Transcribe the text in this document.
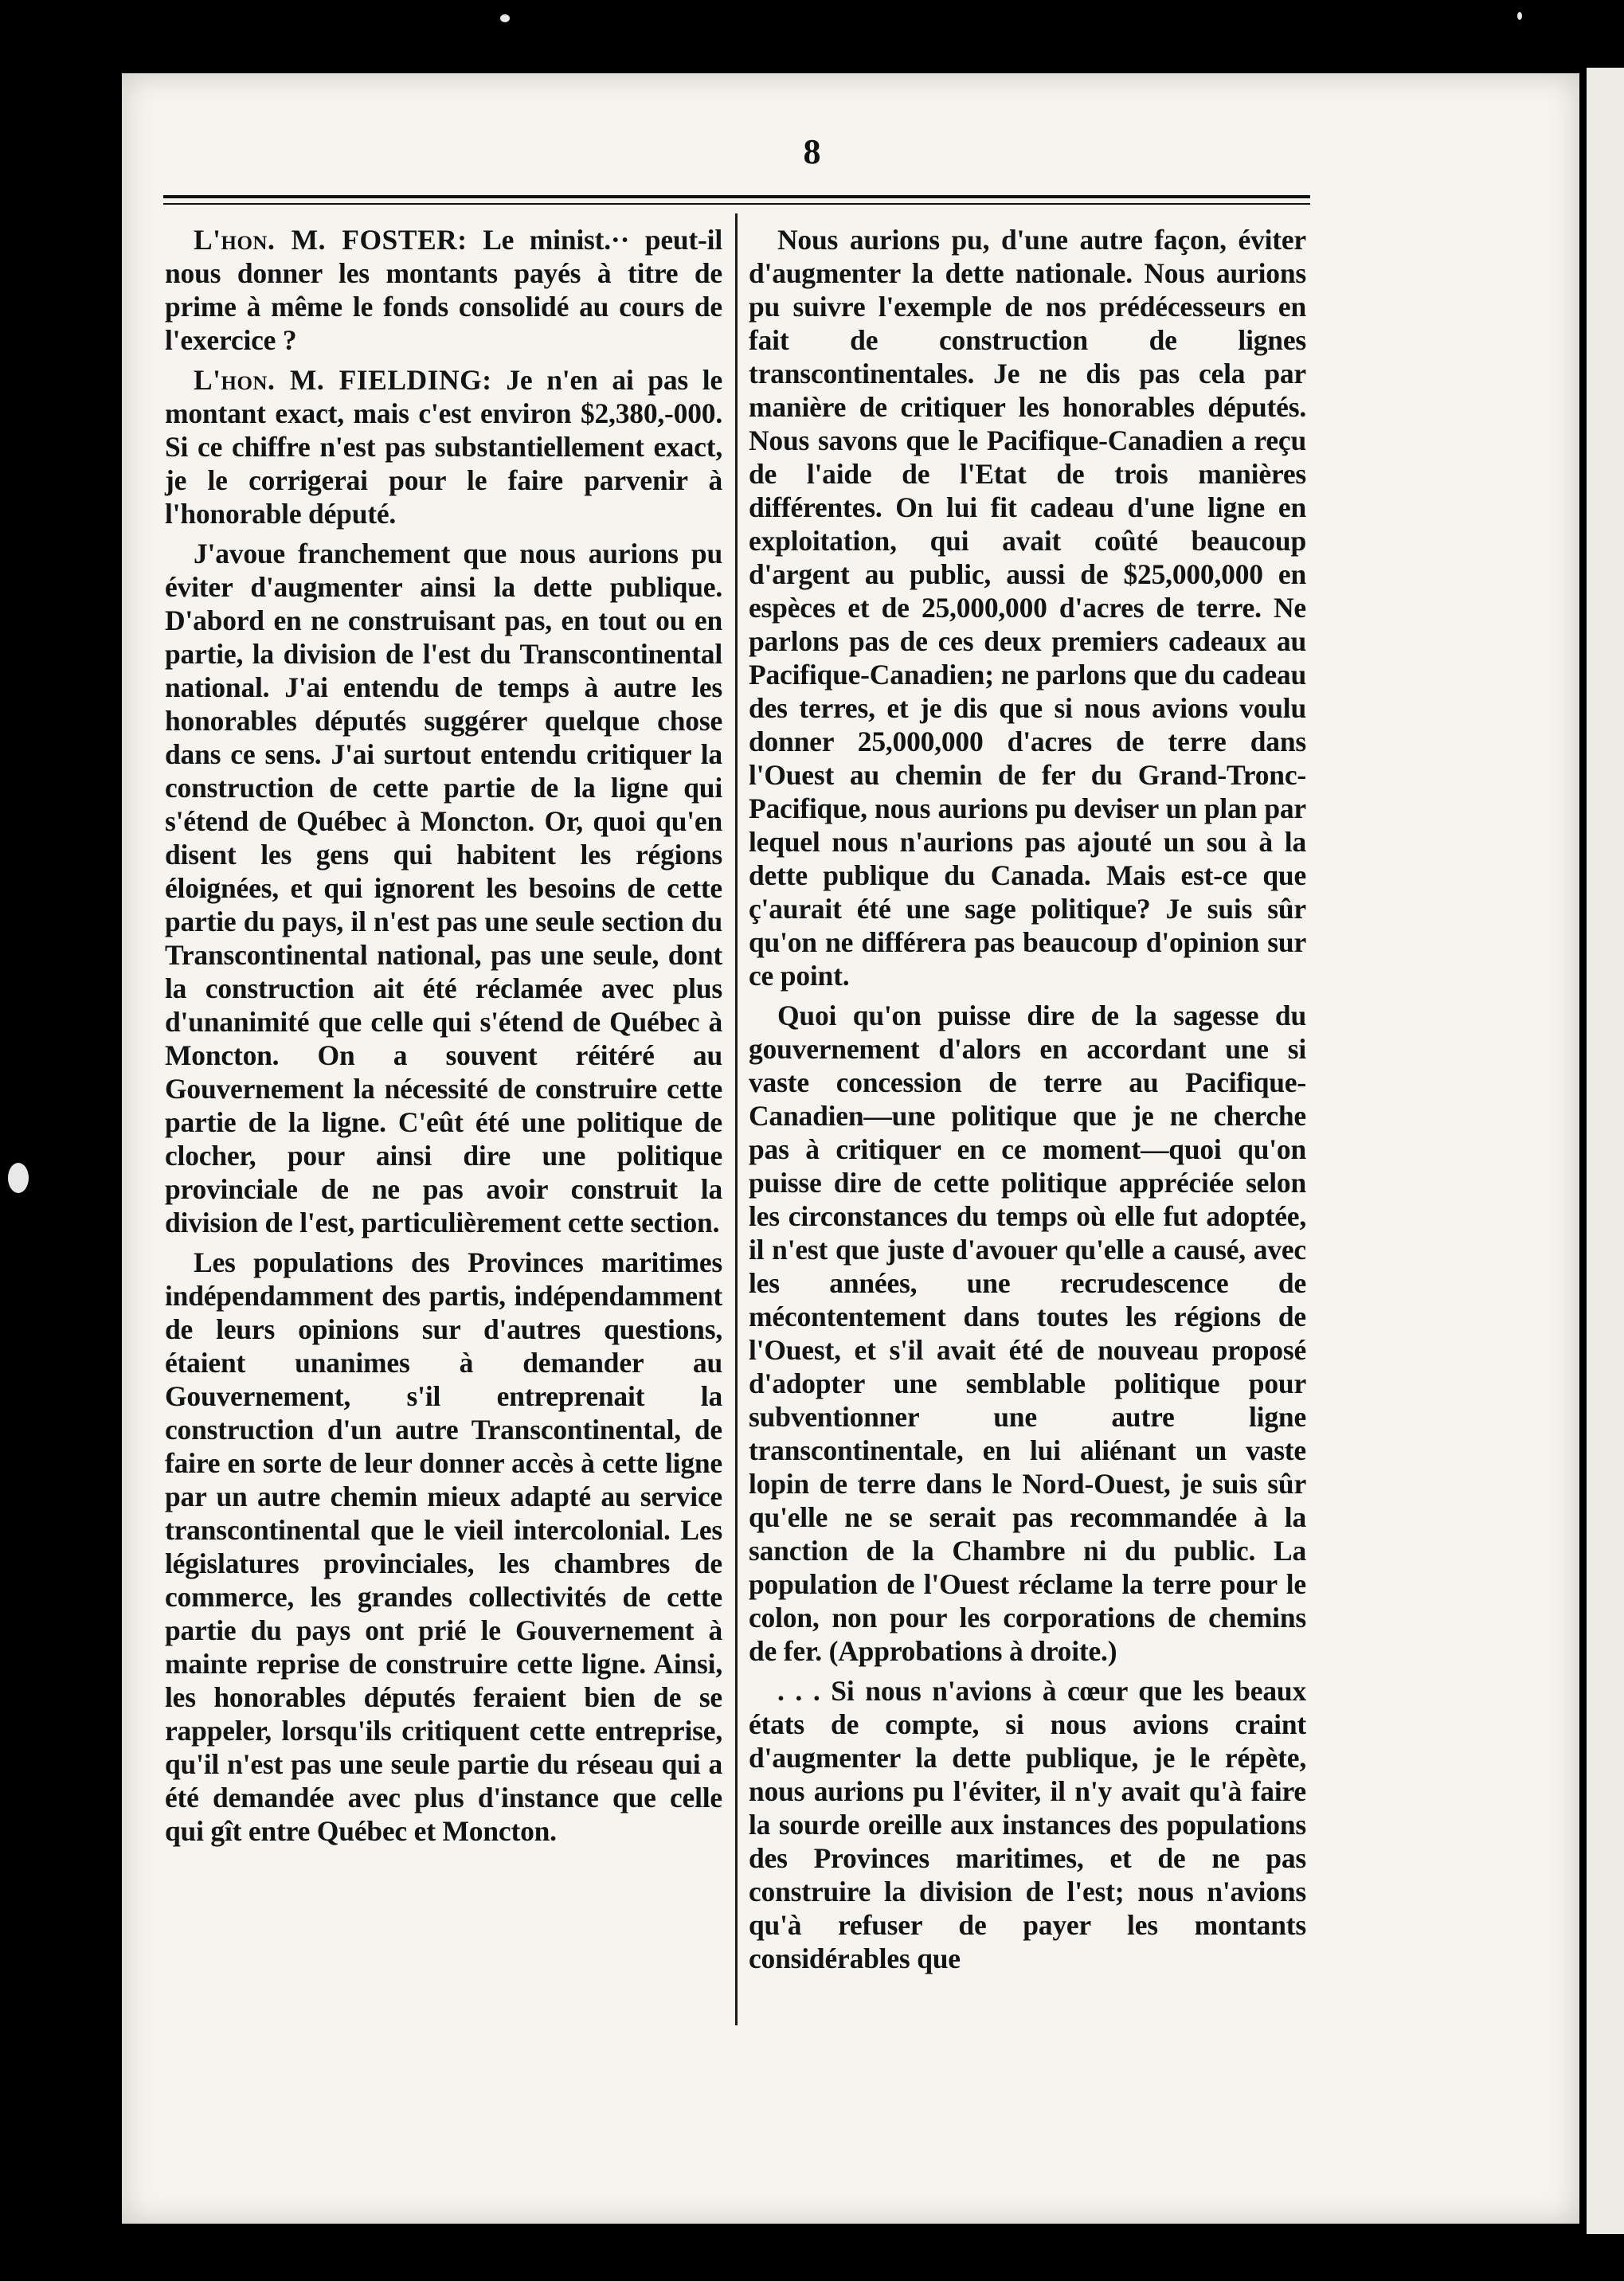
8

L'hon. M. FOSTER: Le minist.·· peut-il nous donner les montants payés à titre de prime à même le fonds consolidé au cours de l'exercice ?

L'hon. M. FIELDING: Je n'en ai pas le montant exact, mais c'est environ $2,380,-000. Si ce chiffre n'est pas substantiellement exact, je le corrigerai pour le faire parvenir à l'honorable député.

J'avoue franchement que nous aurions pu éviter d'augmenter ainsi la dette publique. D'abord en ne construisant pas, en tout ou en partie, la division de l'est du Transcontinental national. J'ai entendu de temps à autre les honorables députés suggérer quelque chose dans ce sens. J'ai surtout entendu critiquer la construction de cette partie de la ligne qui s'étend de Québec à Moncton. Or, quoi qu'en disent les gens qui habitent les régions éloignées, et qui ignorent les besoins de cette partie du pays, il n'est pas une seule section du Transcontinental national, pas une seule, dont la construction ait été réclamée avec plus d'unanimité que celle qui s'étend de Québec à Moncton. On a souvent réitéré au Gouvernement la nécessité de construire cette partie de la ligne. C'eût été une politique de clocher, pour ainsi dire une politique provinciale de ne pas avoir construit la division de l'est, particulièrement cette section.

Les populations des Provinces maritimes indépendamment des partis, indépendamment de leurs opinions sur d'autres questions, étaient unanimes à demander au Gouvernement, s'il entreprenait la construction d'un autre Transcontinental, de faire en sorte de leur donner accès à cette ligne par un autre chemin mieux adapté au service transcontinental que le vieil intercolonial. Les législatures provinciales, les chambres de commerce, les grandes collectivités de cette partie du pays ont prié le Gouvernement à mainte reprise de construire cette ligne. Ainsi, les honorables députés feraient bien de se rappeler, lorsqu'ils critiquent cette entreprise, qu'il n'est pas une seule partie du réseau qui a été demandée avec plus d'instance que celle qui gît entre Québec et Moncton.

Nous aurions pu, d'une autre façon, éviter d'augmenter la dette nationale. Nous aurions pu suivre l'exemple de nos prédécesseurs en fait de construction de lignes transcontinentales. Je ne dis pas cela par manière de critiquer les honorables députés. Nous savons que le Pacifique-Canadien a reçu de l'aide de l'Etat de trois manières différentes. On lui fit cadeau d'une ligne en exploitation, qui avait coûté beaucoup d'argent au public, aussi de $25,000,000 en espèces et de 25,000,000 d'acres de terre. Ne parlons pas de ces deux premiers cadeaux au Pacifique-Canadien; ne parlons que du cadeau des terres, et je dis que si nous avions voulu donner 25,000,000 d'acres de terre dans l'Ouest au chemin de fer du Grand-Tronc-Pacifique, nous aurions pu deviser un plan par lequel nous n'aurions pas ajouté un sou à la dette publique du Canada. Mais est-ce que ç'aurait été une sage politique? Je suis sûr qu'on ne différera pas beaucoup d'opinion sur ce point.

Quoi qu'on puisse dire de la sagesse du gouvernement d'alors en accordant une si vaste concession de terre au Pacifique-Canadien—une politique que je ne cherche pas à critiquer en ce moment—quoi qu'on puisse dire de cette politique appréciée selon les circonstances du temps où elle fut adoptée, il n'est que juste d'avouer qu'elle a causé, avec les années, une recrudescence de mécontentement dans toutes les régions de l'Ouest, et s'il avait été de nouveau proposé d'adopter une semblable politique pour subventionner une autre ligne transcontinentale, en lui aliénant un vaste lopin de terre dans le Nord-Ouest, je suis sûr qu'elle ne se serait pas recommandée à la sanction de la Chambre ni du public. La population de l'Ouest réclame la terre pour le colon, non pour les corporations de chemins de fer. (Approbations à droite.)

. . . Si nous n'avions à cœur que les beaux états de compte, si nous avions craint d'augmenter la dette publique, je le répète, nous aurions pu l'éviter, il n'y avait qu'à faire la sourde oreille aux instances des populations des Provinces maritimes, et de ne pas construire la division de l'est; nous n'avions qu'à refuser de payer les montants considérables que
